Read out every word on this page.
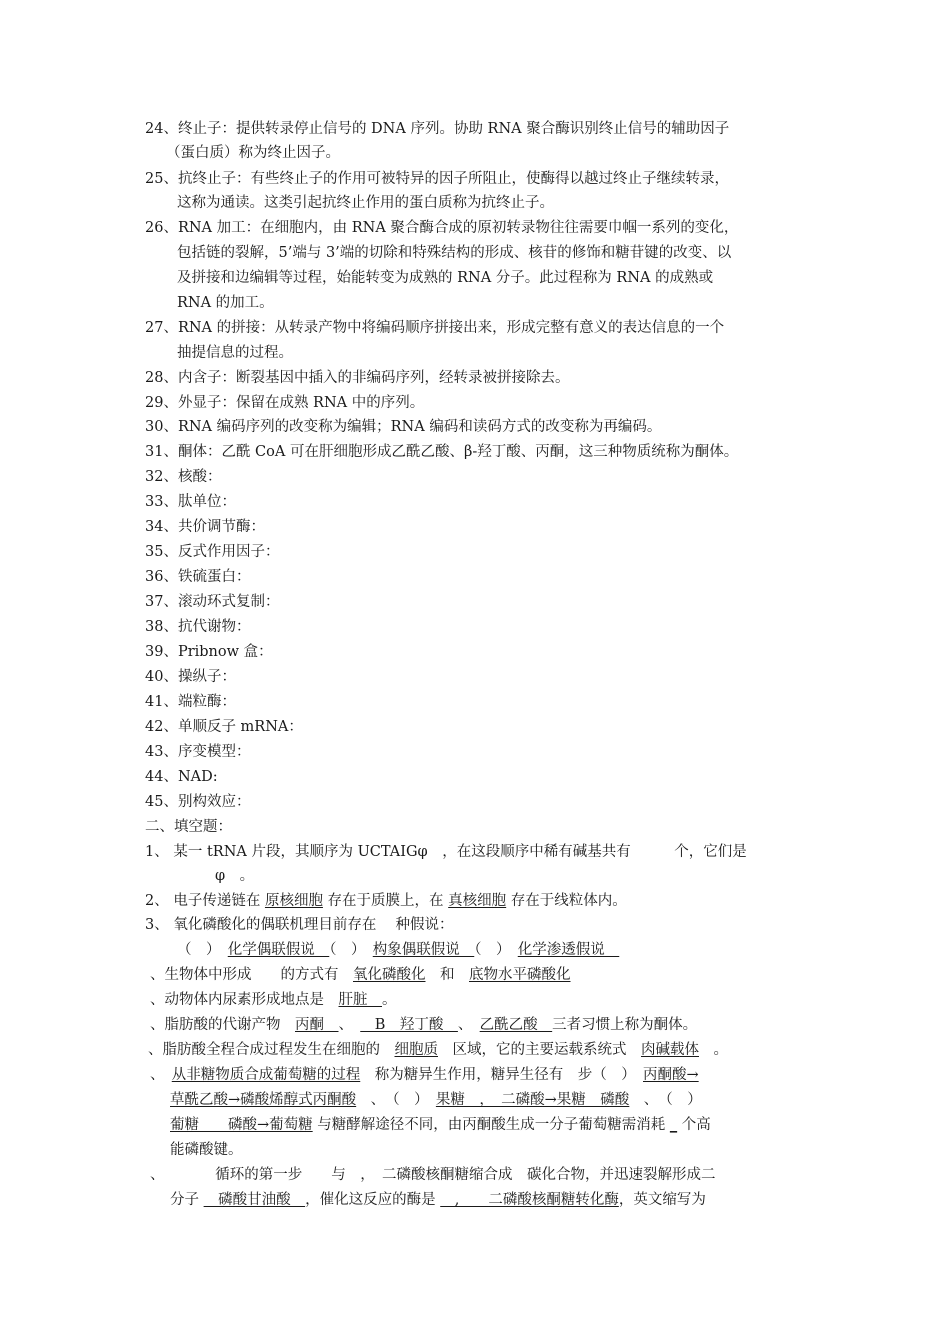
24、终止子：提供转录停止信号的 DNA 序列。协助 RNA 聚合酶识别终止信号的辅助因子
（蛋白质）称为终止因子。
25、抗终止子：有些终止子的作用可被特异的因子所阻止，使酶得以越过终止子继续转录，
这称为通读。这类引起抗终止作用的蛋白质称为抗终止子。
26、RNA 加工：在细胞内，由 RNA 聚合酶合成的原初转录物往往需要巾帼一系列的变化，
包括链的裂解，5’端与 3’端的切除和特殊结构的形成、核苷的修饰和糖苷键的改变、以
及拼接和边编辑等过程，始能转变为成熟的 RNA 分子。此过程称为 RNA 的成熟或
RNA 的加工。
27、RNA 的拼接：从转录产物中将编码顺序拼接出来，形成完整有意义的表达信息的一个
抽提信息的过程。
28、内含子：断裂基因中插入的非编码序列，经转录被拼接除去。
29、外显子：保留在成熟 RNA 中的序列。
30、RNA 编码序列的改变称为编辑；RNA 编码和读码方式的改变称为再编码。
31、酮体：乙酰 CoA 可在肝细胞形成乙酰乙酸、β-羟丁酸、丙酮，这三种物质统称为酮体。
32、核酸：
33、肽单位：
34、共价调节酶：
35、反式作用因子：
36、铁硫蛋白：
37、滚动环式复制：
38、抗代谢物：
39、Pribnow 盒：
40、操纵子：
41、端粒酶：
42、单顺反子 mRNA：
43、序变模型：
44、NAD:
45、别构效应：
二、填空题：
1、 某一 tRNA 片段，其顺序为 UCTAIGφ　，在这段顺序中稀有碱基共有　　　个，它们是
φ　。
2、 电子传递链在 原核细胞 存在于质膜上，在 真核细胞 存在于线粒体内。
3、 氧化磷酸化的偶联机理目前存在　 种假说：
（　）　化学偶联假说　（　）　构象偶联假说　（　）　化学渗透假说　
、生物体中形成　　的方式有　氧化磷酸化　和　底物水平磷酸化
、动物体内尿素形成地点是　肝脏　。
、脂肪酸的代谢产物　丙酮　、　　B　羟丁酸　、　乙酰乙酸　三者习惯上称为酮体。
、脂肪酸全程合成过程发生在细胞的　细胞质　区域，它的主要运载系统式　肉碱载体　。
、　从非糖物质合成葡萄糖的过程　称为糖异生作用，糖异生径有　步（　）　丙酮酸→
草酰乙酸→磷酸烯醇式丙酮酸　、　（　）　果糖　，　二磷酸→果糖　磷酸　、　（　）
葡糖　　磷酸→葡萄糖 与糖酵解途径不同，由丙酮酸生成一分子葡萄糖需消耗 _ 个高
能磷酸键。
、　　　　循环的第一步　　与　，　二磷酸核酮糖缩合成　碳化合物，并迅速裂解形成二
分子 　磷酸甘油酸　，催化这反应的酶是 　,　　二磷酸核酮糖转化酶，英文缩写为
